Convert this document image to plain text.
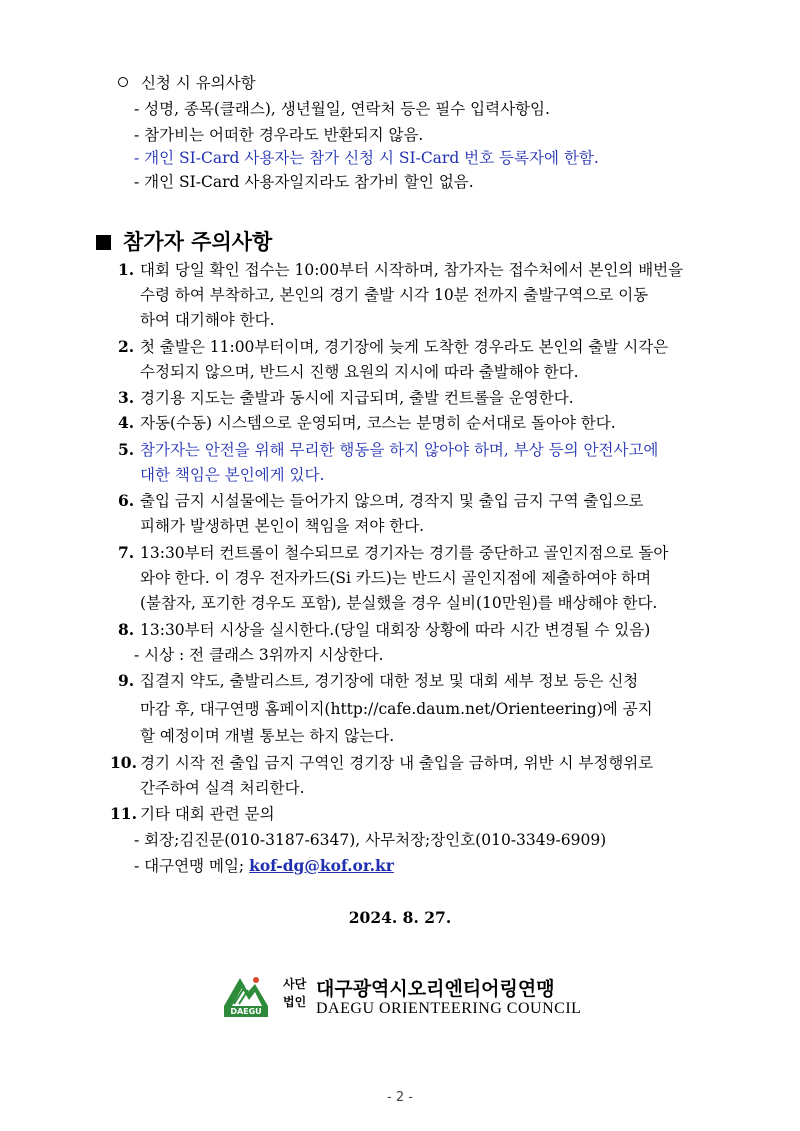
신청 시 유의사항
- 성명, 종목(클래스), 생년월일, 연락처 등은 필수 입력사항임.
- 참가비는 어떠한 경우라도 반환되지 않음.
- 개인 SI-Card 사용자는 참가 신청 시 SI-Card 번호 등록자에 한함.
- 개인 SI-Card 사용자일지라도 참가비 할인 없음.
참가자 주의사항
1. 대회 당일 확인 접수는 10:00부터 시작하며, 참가자는 접수처에서 본인의 배번을
수령 하여 부착하고, 본인의 경기 출발 시각 10분 전까지 출발구역으로 이동
하여 대기해야 한다.
2. 첫 출발은 11:00부터이며, 경기장에 늦게 도착한 경우라도 본인의 출발 시각은
수정되지 않으며, 반드시 진행 요원의 지시에 따라 출발해야 한다.
3. 경기용 지도는 출발과 동시에 지급되며, 출발 컨트롤을 운영한다.
4. 자동(수동) 시스템으로 운영되며, 코스는 분명히 순서대로 돌아야 한다.
5. 참가자는 안전을 위해 무리한 행동을 하지 않아야 하며, 부상 등의 안전사고에
대한 책임은 본인에게 있다.
6. 출입 금지 시설물에는 들어가지 않으며, 경작지 및 출입 금지 구역 출입으로
피해가 발생하면 본인이 책임을 져야 한다.
7. 13:30부터 컨트롤이 철수되므로 경기자는 경기를 중단하고 골인지점으로 돌아
와야 한다. 이 경우 전자카드(Si 카드)는 반드시 골인지점에 제출하여야 하며
(불참자, 포기한 경우도 포함), 분실했을 경우 실비(10만원)를 배상해야 한다.
8. 13:30부터 시상을 실시한다.(당일 대회장 상황에 따라 시간 변경될 수 있음)
- 시상 : 전 클래스 3위까지 시상한다.
9. 집결지 약도, 출발리스트, 경기장에 대한 정보 및 대회 세부 정보 등은 신청
마감 후, 대구연맹 홈페이지(http://cafe.daum.net/Orienteering)에 공지
할 예정이며 개별 통보는 하지 않는다.
10. 경기 시작 전 출입 금지 구역인 경기장 내 출입을 금하며, 위반 시 부정행위로
간주하여 실격 처리한다.
11. 기타 대회 관련 문의
- 회장;김진문(010-3187-6347), 사무처장;장인호(010-3349-6909)
- 대구연맹 메일; kof-dg@kof.or.kr
2024. 8. 27.
DAEGU
사단
법인
대구광역시오리엔티어링연맹
DAEGU ORIENTEERING COUNCIL
- 2 -
